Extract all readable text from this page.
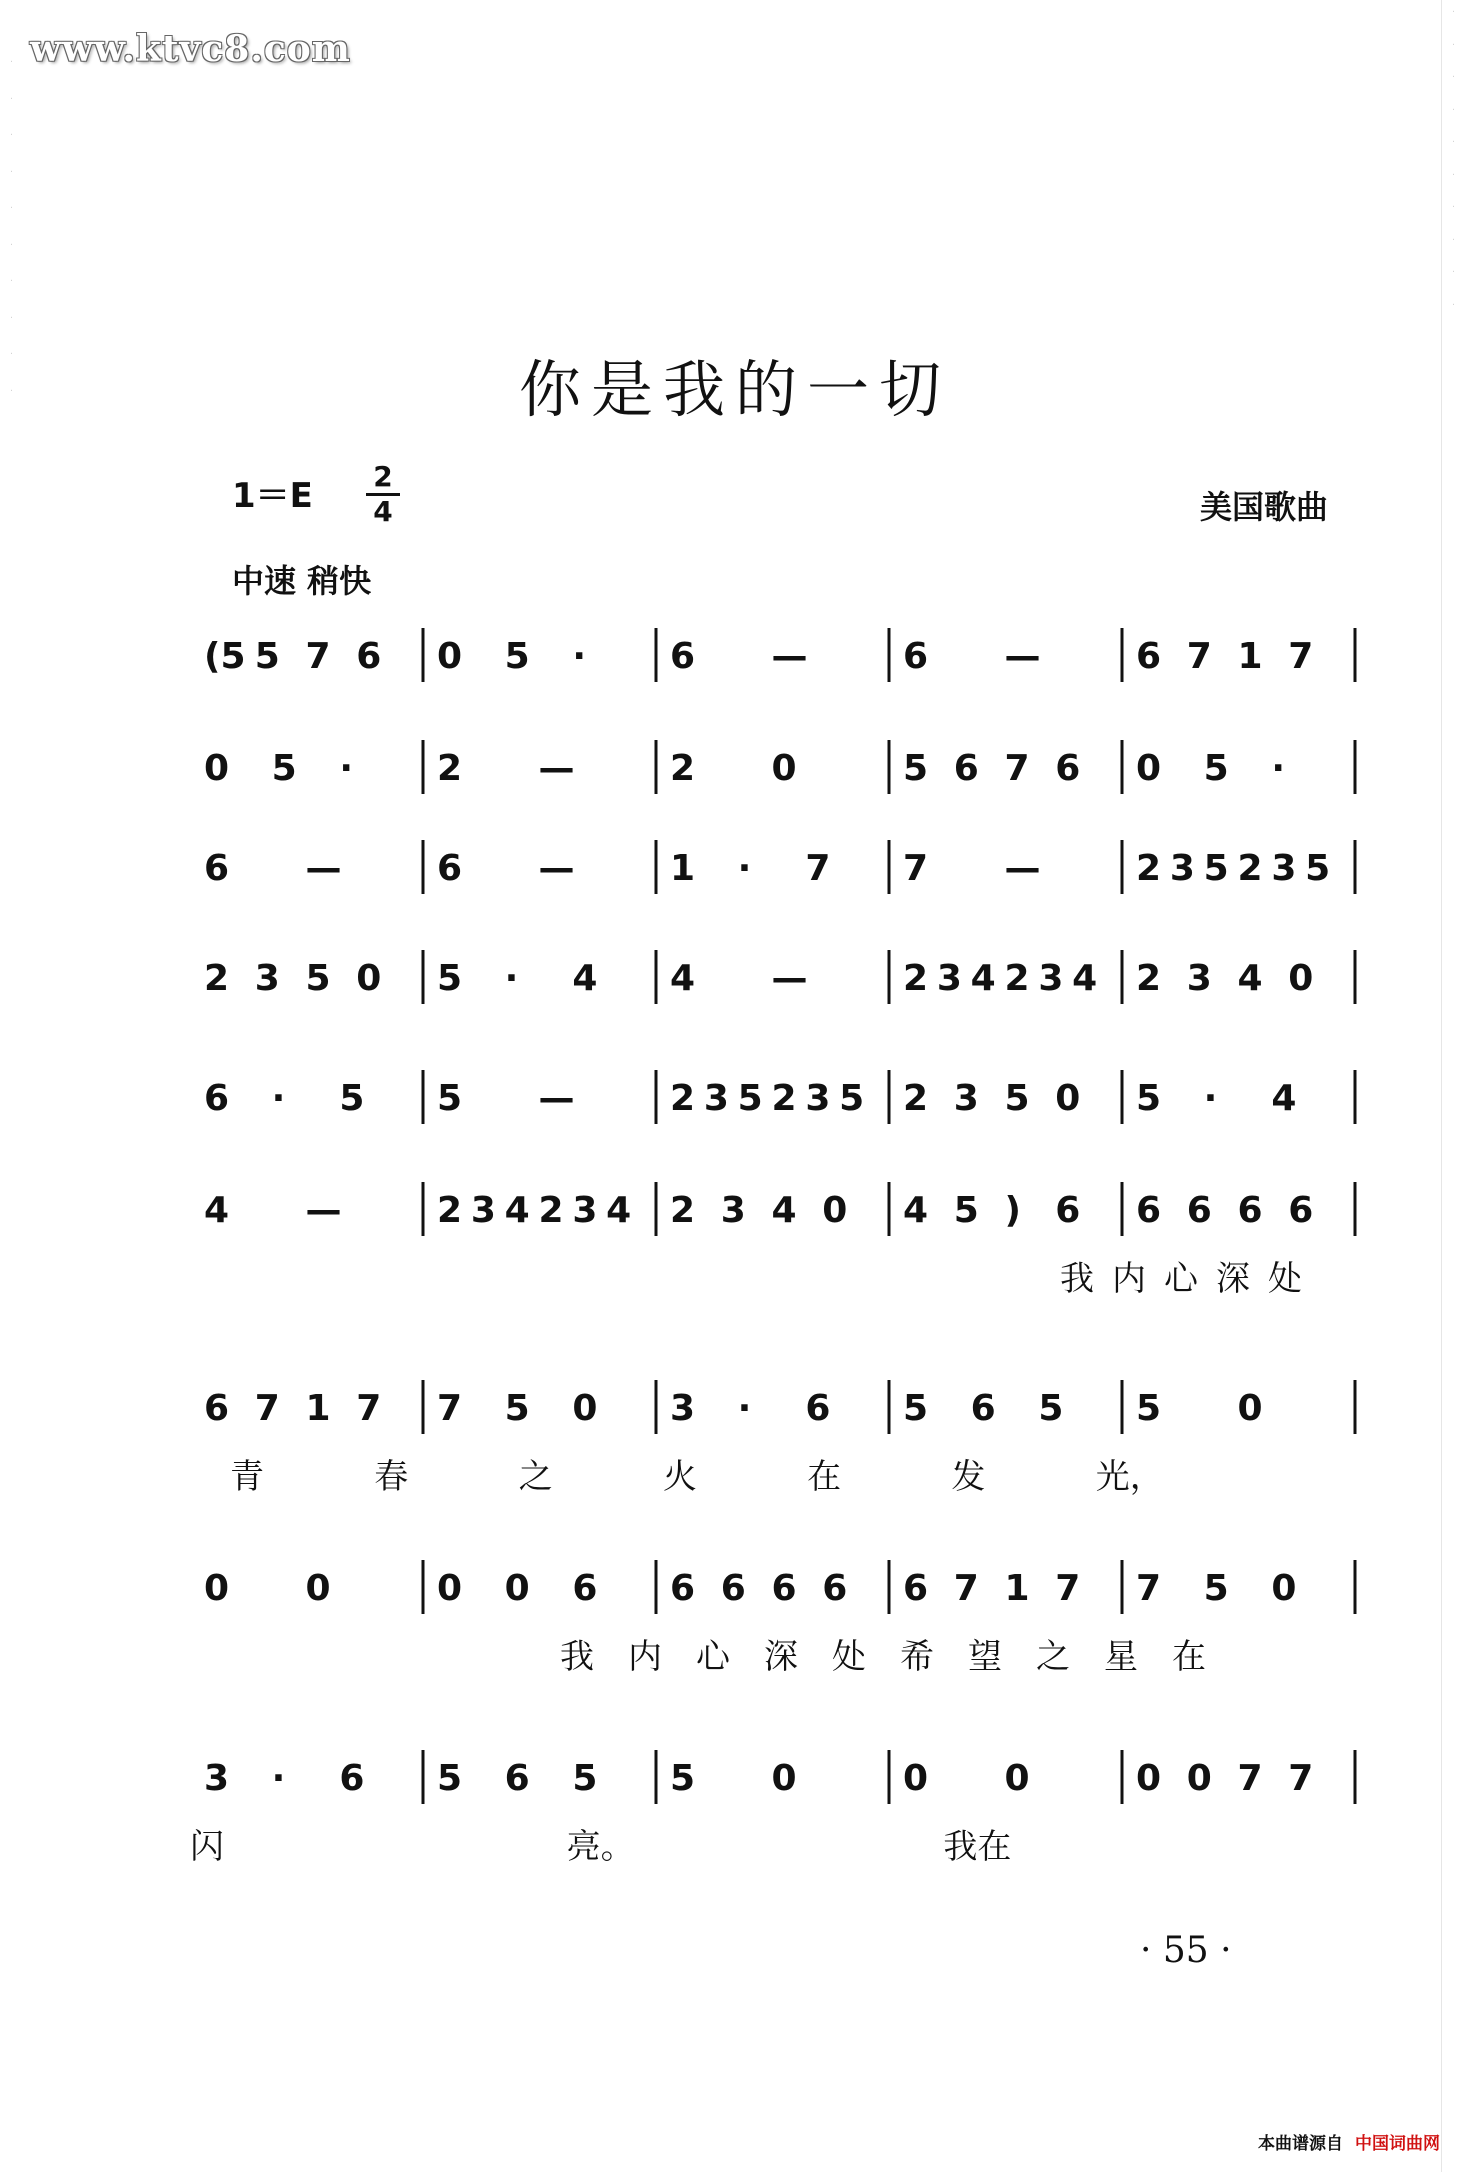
·
·
·
·
·
·
·
·
·
·
·
·
·
·
·
·
·
·
·
·
www.ktvc8.com
你是我的一切
1＝E 2
4	美国歌曲
中速 稍快
(5 5 7 6 0 5 · 6 —	6 —	6 7 1 7
0 5 · 2 —	2 0	5 6 7 6 0 5 ·
6 —	6 —	1 · 7 7 —	2 3 5 2 3 5
2 3 5 0 5 · 4 4 —	2 3 4 2 3 4 2 3 4 0
6 · 5 5 —	2 3 5 2 3 5 2 3 5 0 5 · 4
4 —	2 3 4 2 3 4 2 3 4 0 4 5 ) 6 6 6 6 6
我 内 心 深 处
6 7 1 7 7 5 0 3 · 6 5 6 5 5 0
青	春	之	火	在	发	光，
0 0	0 0 6 6 6 6 6 6 7 1 7 7 5 0
我 内 心 深 处 希 望 之 星 在
3 · 6 5 6 5 5 0	0 0	0 0 7 7
闪	亮。	我在
· 55 ·
本曲谱源自 中国词曲网
